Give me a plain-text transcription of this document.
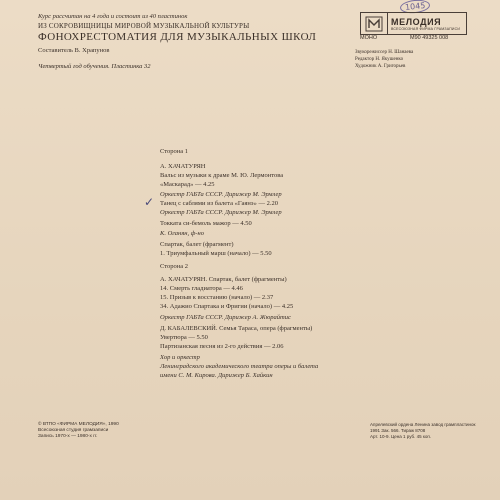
1045
Курс рассчитан на 4 года и состоит из 40 пластинок
ИЗ СОКРОВИЩНИЦЫ МИРОВОЙ МУЗЫКАЛЬНОЙ КУЛЬТУРЫ
ФОНОХРЕСТОМАТИЯ ДЛЯ МУЗЫКАЛЬНЫХ ШКОЛ
Составитель В. Храпунов
Четвертый год обучения. Пластинка 32
МЕЛОДИЯ
ВСЕСОЮЗНАЯ ФИРМА ГРАМЗАПИСИ
МОНО	М90 49325 008
Звукорежиссер Н. Шанаева
Редактор Н. Якушенко
Художник А. Григорьев
Сторона 1
А. ХАЧАТУРЯН
Вальс из музыки к драме М. Ю. Лермонтова
«Маскарад» — 4.25
Оркестр ГАБТа СССР. Дирижер М. Эрмлер
✓ Танец с саблями из балета «Гаянэ» — 2.20
Оркестр ГАБТа СССР. Дирижер М. Эрмлер
Токката си-бемоль мажор — 4.50
К. Оганян, ф-но
Спартак, балет (фрагмент)
1. Триумфальный марш (начало) — 5.50
Сторона 2
А. ХАЧАТУРЯН. Спартак, балет (фрагменты)
14. Смерть гладиатора — 4.46
15. Призыв к восстанию (начало) — 2.37
34. Адажио Спартака и Фригии (начало) — 4.25
Оркестр ГАБТа СССР. Дирижер А. Жюрайтис
Д. КАБАЛЕВСКИЙ. Семья Тараса, опера (фрагменты)
Увертюра — 5.50
Партизанская песня из 2-го действия — 2.06
Хор и оркестр
Ленинградского академического театра оперы и балета
имени С. М. Кирова. Дирижер Б. Хайкин
© ВТПО «ФИРМА МЕЛОДИЯ», 1990
Всесоюзная студия грамзаписи
Запись 1970-х — 1980-х гг.
Апрелевский ордена Ленина завод грампластинок
1991 Зак. 566. Тираж 8708
Арт. 10-9. Цена 1 руб. 45 коп.
